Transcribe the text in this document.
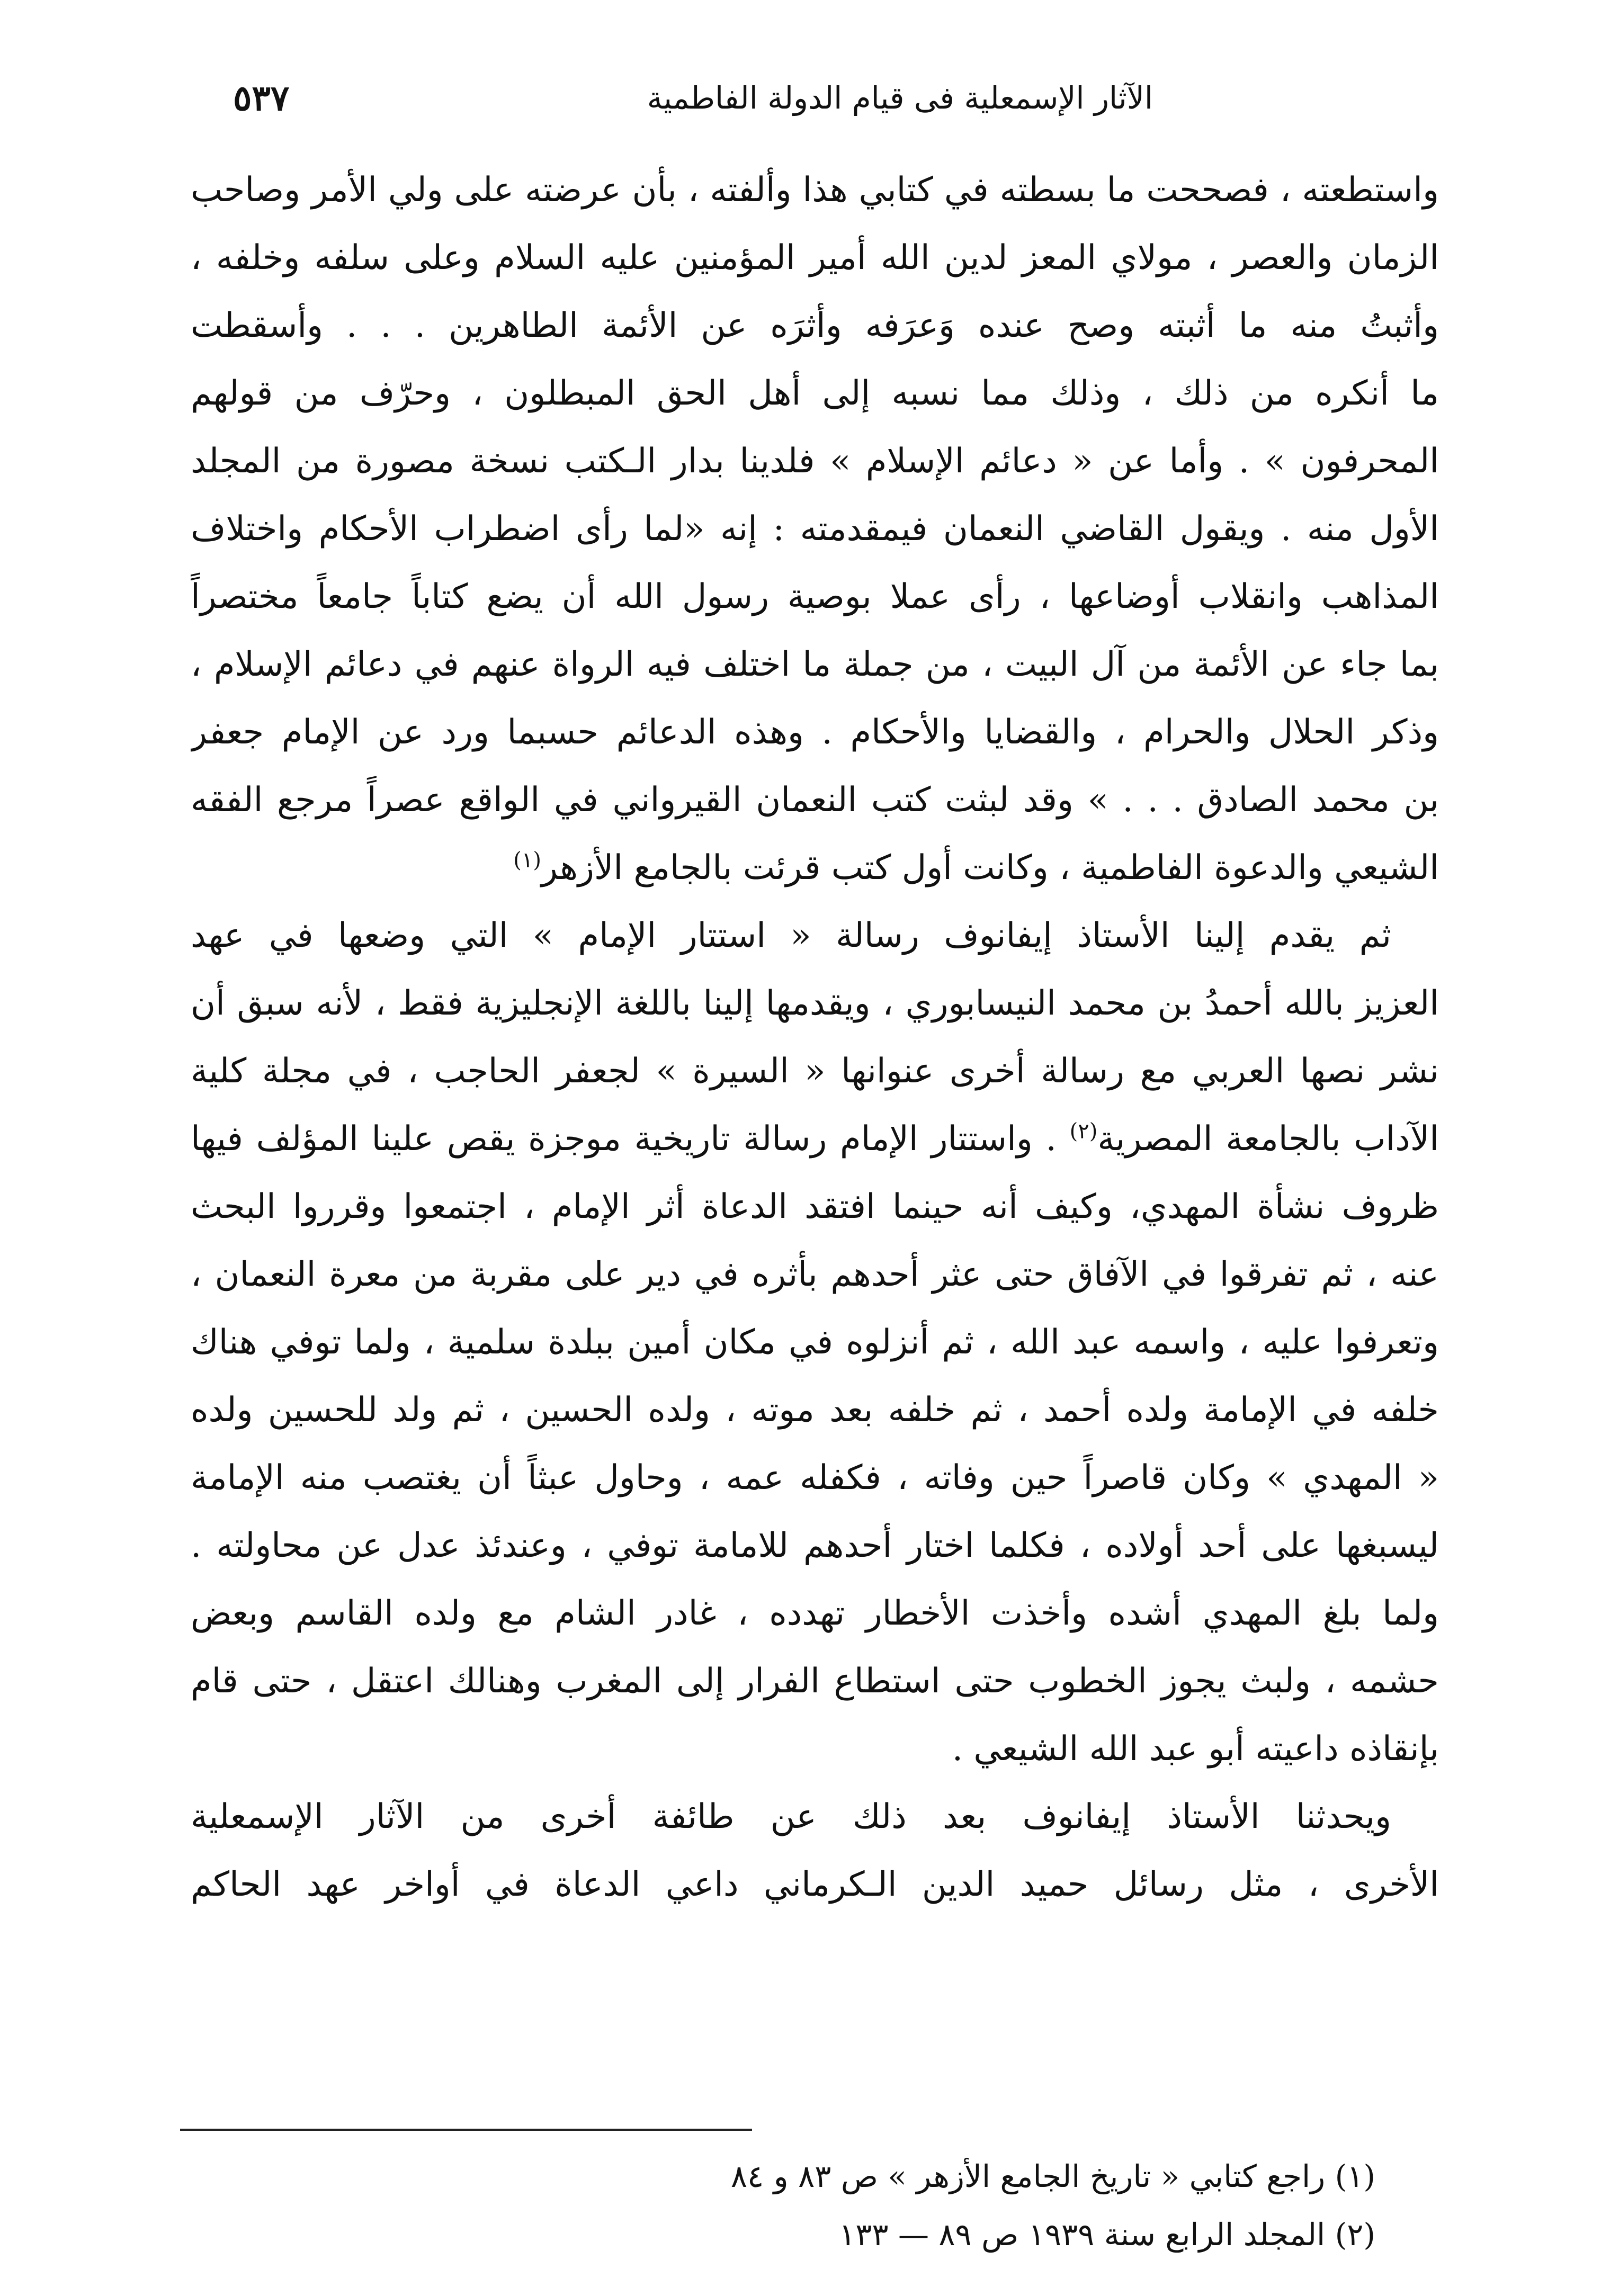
الآثار الإسمعلية فى قيام الدولة الفاطمية
٥٣٧
واستطعته ، فصححت ما بسطته في كتابي هذا وألفته ، بأن عرضته على ولي الأمر وصاحب
الزمان والعصر ، مولاي المعز لدين الله أمير المؤمنين عليه السلام وعلى سلفه وخلفه ،
وأثبتُ منه ما أثبته وصح عنده وَعرَفه وأثرَه عن الأئمة الطاهرين . . . وأسقطت
ما أنكره من ذلك ، وذلك مما نسبه إلى أهل الحق المبطلون ، وحرّف من قولهم
المحرفون » . وأما عن « دعائم الإسلام » فلدينا بدار الـكتب نسخة مصورة من المجلد
الأول منه . ويقول القاضي النعمان فيمقدمته : إنه «لما رأى اضطراب الأحكام واختلاف
المذاهب وانقلاب أوضاعها ، رأى عملا بوصية رسول الله أن يضع كتاباً جامعاً مختصراً
بما جاء عن الأئمة من آل البيت ، من جملة ما اختلف فيه الرواة عنهم في دعائم الإسلام ،
وذكر الحلال والحرام ، والقضايا والأحكام . وهذه الدعائم حسبما ورد عن الإمام جعفر
بن محمد الصادق . . . » وقد لبثت كتب النعمان القيرواني في الواقع عصراً مرجع الفقه
الشيعي والدعوة الفاطمية ، وكانت أول كتب قرئت بالجامع الأزهر$^{(١)}$
ثم يقدم إلينا الأستاذ إيفانوف رسالة « استتار الإمام » التي وضعها في عهد
العزيز بالله أحمدُ بن محمد النيسابوري ، ويقدمها إلينا باللغة الإنجليزية فقط ، لأنه سبق أن
نشر نصها العربي مع رسالة أخرى عنوانها « السيرة » لجعفر الحاجب ، في مجلة كلية
الآداب بالجامعة المصرية$^{(٢)}$ . واستتار الإمام رسالة تاريخية موجزة يقص علينا المؤلف فيها
ظروف نشأة المهدي، وكيف أنه حينما افتقد الدعاة أثر الإمام ، اجتمعوا وقرروا البحث
عنه ، ثم تفرقوا في الآفاق حتى عثر أحدهم بأثره في دير على مقربة من معرة النعمان ،
وتعرفوا عليه ، واسمه عبد الله ، ثم أنزلوه في مكان أمين ببلدة سلمية ، ولما توفي هناك
خلفه في الإمامة ولده أحمد ، ثم خلفه بعد موته ، ولده الحسين ، ثم ولد للحسين ولده
« المهدي » وكان قاصراً حين وفاته ، فكفله عمه ، وحاول عبثاً أن يغتصب منه الإمامة
ليسبغها على أحد أولاده ، فكلما اختار أحدهم للامامة توفي ، وعندئذ عدل عن محاولته .
ولما بلغ المهدي أشده وأخذت الأخطار تهدده ، غادر الشام مع ولده القاسم وبعض
حشمه ، ولبث يجوز الخطوب حتى استطاع الفرار إلى المغرب وهنالك اعتقل ، حتى قام
بإنقاذه داعيته أبو عبد الله الشيعي .
ويحدثنا الأستاذ إيفانوف بعد ذلك عن طائفة أخرى من الآثار الإسمعلية
الأخرى ، مثل رسائل حميد الدين الـكرماني داعي الدعاة في أواخر عهد الحاكم
(١) راجع كتابي « تاريخ الجامع الأزهر » ص ٨٣ و ٨٤
(٢) المجلد الرابع سنة ١٩٣٩ ص ٨٩ — ١٣٣
